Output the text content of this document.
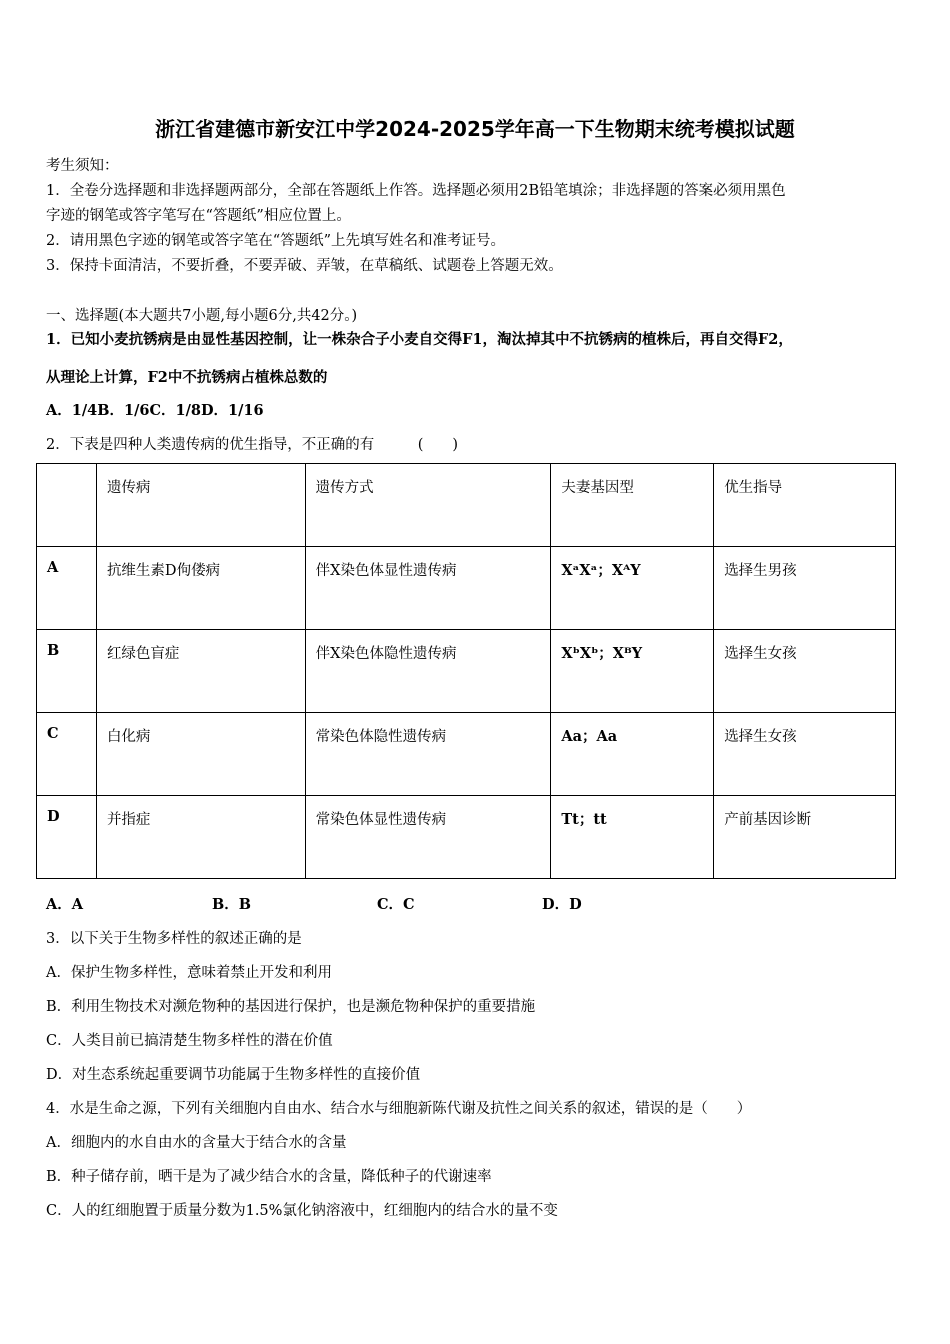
浙江省建德市新安江中学2024-2025学年高一下生物期末统考模拟试题
考生须知：
1．全卷分选择题和非选择题两部分，全部在答题纸上作答。选择题必须用2B铅笔填涂；非选择题的答案必须用黑色
字迹的钢笔或答字笔写在“答题纸”相应位置上。
2．请用黑色字迹的钢笔或答字笔在“答题纸”上先填写姓名和准考证号。
3．保持卡面清洁，不要折叠，不要弄破、弄皱，在草稿纸、试题卷上答题无效。
一、选择题(本大题共7小题,每小题6分,共42分。)
1．已知小麦抗锈病是由显性基因控制，让一株杂合子小麦自交得F1，淘汰掉其中不抗锈病的植株后，再自交得F2，
从理论上计算，F2中不抗锈病占植株总数的
A．1/4B．1/6C．1/8D．1/16
2．下表是四种人类遗传病的优生指导，不正确的有　　　(　　)
	遗传病	遗传方式	夫妻基因型	优生指导
A	抗维生素D佝偻病	伴X染色体显性遗传病	XᵃXᵃ；XᴬY	选择生男孩
B	红绿色盲症	伴X染色体隐性遗传病	XᵇXᵇ；XᴮY	选择生女孩
C	白化病	常染色体隐性遗传病	Aa；Aa	选择生女孩
D	并指症	常染色体显性遗传病	Tt；tt	产前基因诊断
A．A	B．B	C．C	D．D
3．以下关于生物多样性的叙述正确的是
A．保护生物多样性，意味着禁止开发和利用
B．利用生物技术对濒危物种的基因进行保护，也是濒危物种保护的重要措施
C．人类目前已搞清楚生物多样性的潜在价值
D．对生态系统起重要调节功能属于生物多样性的直接价值
4．水是生命之源，下列有关细胞内自由水、结合水与细胞新陈代谢及抗性之间关系的叙述，错误的是（　　）
A．细胞内的水自由水的含量大于结合水的含量
B．种子储存前，晒干是为了减少结合水的含量，降低种子的代谢速率
C．人的红细胞置于质量分数为1.5%氯化钠溶液中，红细胞内的结合水的量不变
